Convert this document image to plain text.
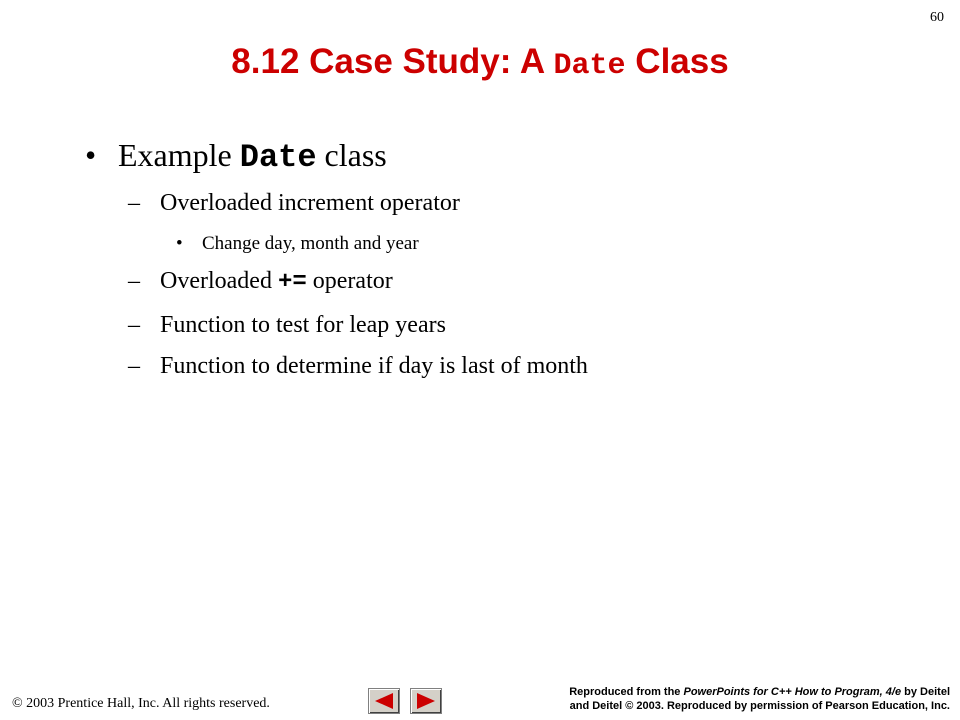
60
8.12 Case Study: A Date Class
• Example Date class
– Overloaded increment operator
• Change day, month and year
– Overloaded += operator
– Function to test for leap years
– Function to determine if day is last of month
© 2003 Prentice Hall, Inc. All rights reserved.
Reproduced from the PowerPoints for C++ How to Program, 4/e by Deitel
and Deitel © 2003. Reproduced by permission of Pearson Education, Inc.
